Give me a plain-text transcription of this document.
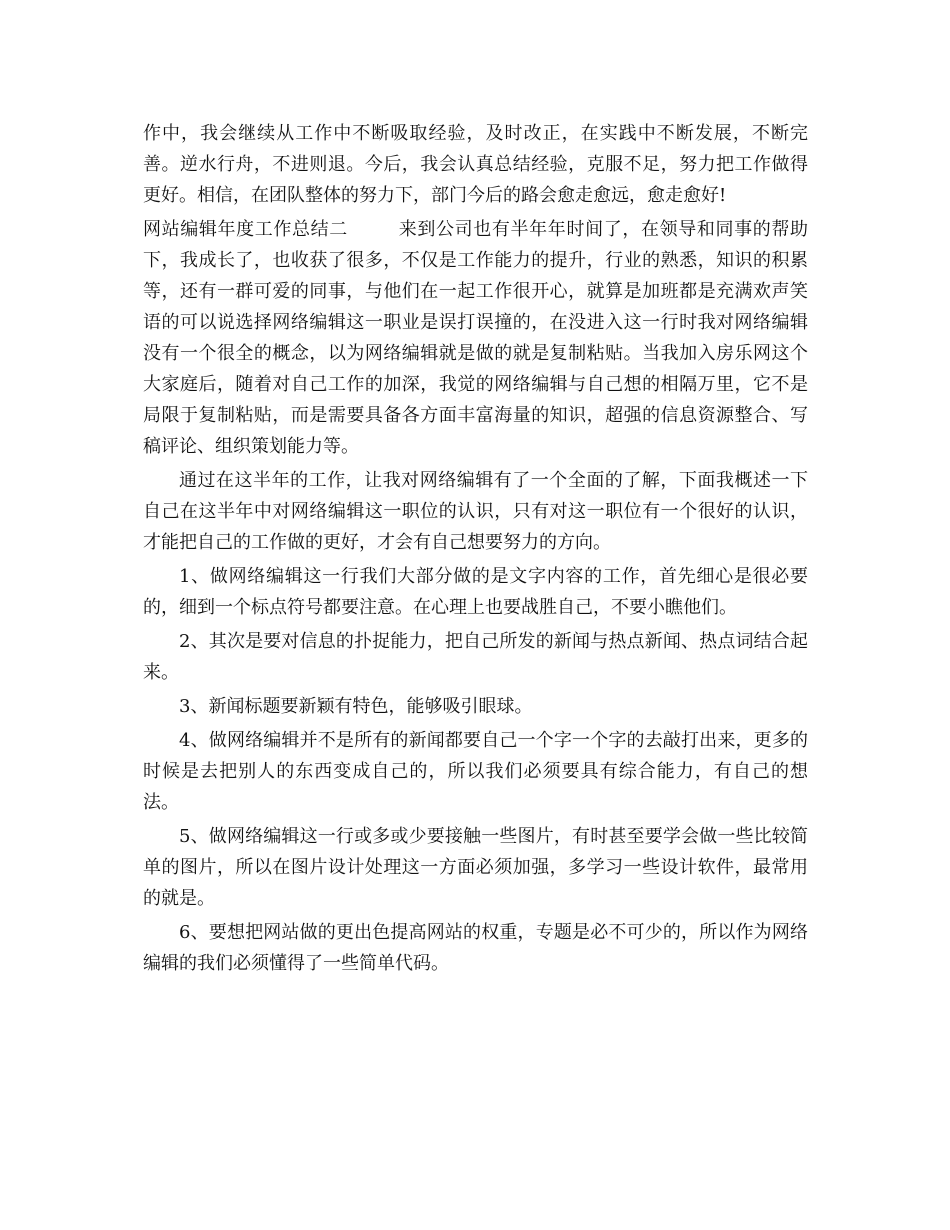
作中，我会继续从工作中不断吸取经验，及时改正，在实践中不断发展，不断完善。逆水行舟，不进则退。今后，我会认真总结经验，克服不足，努力把工作做得更好。相信，在团队整体的努力下，部门今后的路会愈走愈远，愈走愈好!

网站编辑年度工作总结二	来到公司也有半年年时间了，在领导和同事的帮助下，我成长了，也收获了很多，不仅是工作能力的提升，行业的熟悉，知识的积累等，还有一群可爱的同事，与他们在一起工作很开心，就算是加班都是充满欢声笑语的可以说选择网络编辑这一职业是误打误撞的，在没进入这一行时我对网络编辑没有一个很全的概念，以为网络编辑就是做的就是复制粘贴。当我加入房乐网这个大家庭后，随着对自己工作的加深，我觉的网络编辑与自己想的相隔万里，它不是局限于复制粘贴，而是需要具备各方面丰富海量的知识，超强的信息资源整合、写稿评论、组织策划能力等。

通过在这半年的工作，让我对网络编辑有了一个全面的了解，下面我概述一下自己在这半年中对网络编辑这一职位的认识，只有对这一职位有一个很好的认识，才能把自己的工作做的更好，才会有自己想要努力的方向。

1、做网络编辑这一行我们大部分做的是文字内容的工作，首先细心是很必要的，细到一个标点符号都要注意。在心理上也要战胜自己，不要小瞧他们。

2、其次是要对信息的扑捉能力，把自己所发的新闻与热点新闻、热点词结合起来。

3、新闻标题要新颖有特色，能够吸引眼球。

4、做网络编辑并不是所有的新闻都要自己一个字一个字的去敲打出来，更多的时候是去把别人的东西变成自己的，所以我们必须要具有综合能力，有自己的想法。

5、做网络编辑这一行或多或少要接触一些图片，有时甚至要学会做一些比较简单的图片，所以在图片设计处理这一方面必须加强，多学习一些设计软件，最常用的就是。

6、要想把网站做的更出色提高网站的权重，专题是必不可少的，所以作为网络编辑的我们必须懂得了一些简单代码。
